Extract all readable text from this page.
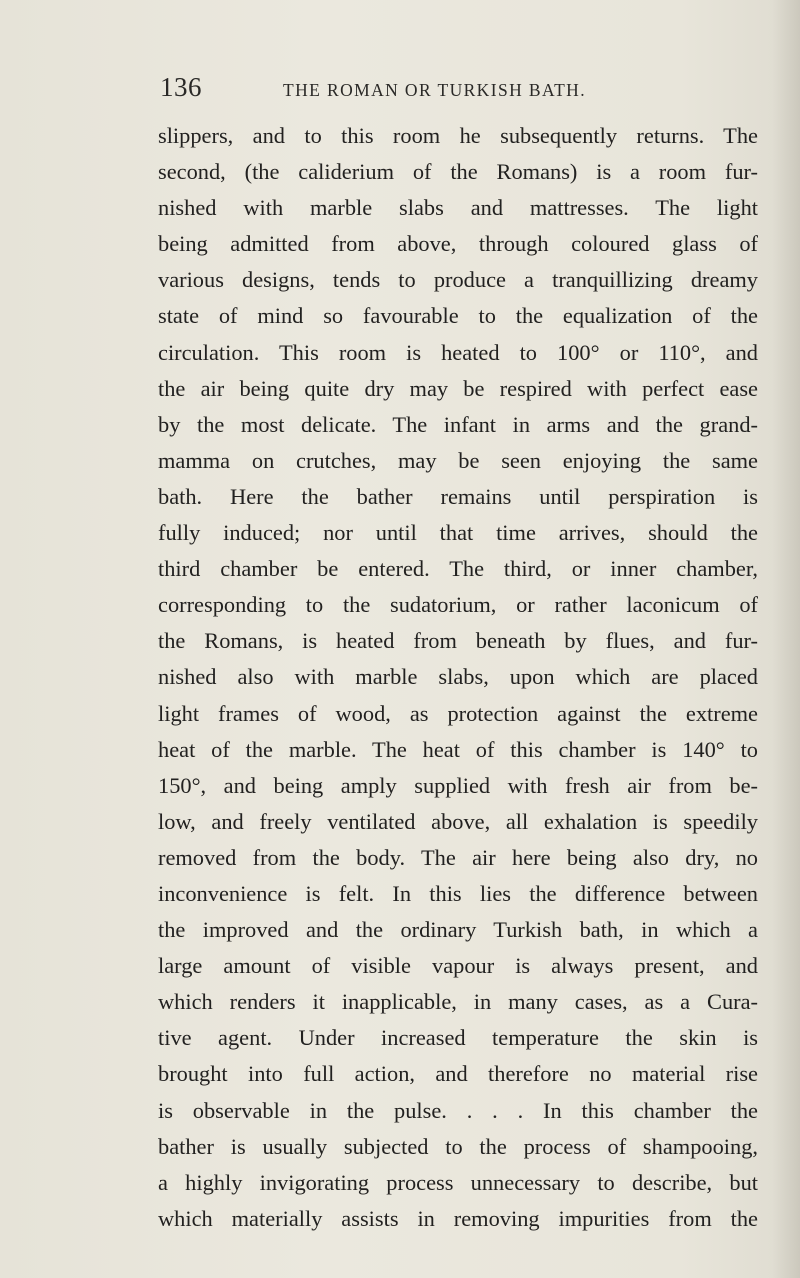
136	THE ROMAN OR TURKISH BATH.
slippers, and to this room he subsequently returns. The
second, (the caliderium of the Romans) is a room fur-
nished with marble slabs and mattresses. The light
being admitted from above, through coloured glass of
various designs, tends to produce a tranquillizing dreamy
state of mind so favourable to the equalization of the
circulation. This room is heated to 100° or 110°, and
the air being quite dry may be respired with perfect ease
by the most delicate. The infant in arms and the grand-
mamma on crutches, may be seen enjoying the same
bath. Here the bather remains until perspiration is
fully induced; nor until that time arrives, should the
third chamber be entered. The third, or inner chamber,
corresponding to the sudatorium, or rather laconicum of
the Romans, is heated from beneath by flues, and fur-
nished also with marble slabs, upon which are placed
light frames of wood, as protection against the extreme
heat of the marble. The heat of this chamber is 140° to
150°, and being amply supplied with fresh air from be-
low, and freely ventilated above, all exhalation is speedily
removed from the body. The air here being also dry, no
inconvenience is felt. In this lies the difference between
the improved and the ordinary Turkish bath, in which a
large amount of visible vapour is always present, and
which renders it inapplicable, in many cases, as a Cura-
tive agent. Under increased temperature the skin is
brought into full action, and therefore no material rise
is observable in the pulse. . . . In this chamber the
bather is usually subjected to the process of shampooing,
a highly invigorating process unnecessary to describe, but
which materially assists in removing impurities from the
